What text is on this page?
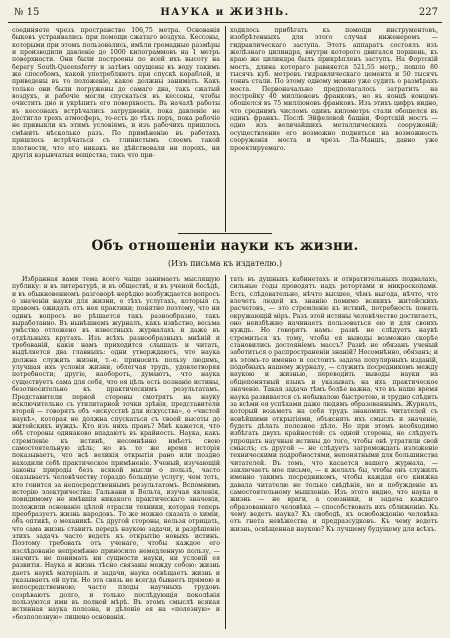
№ 15	НАУКА и ЖИЗНЬ.	227

соединяете чрезъ пространство 106,75 метра. Основанія быковъ устраивались при помощи сжатаго воздуха. Кессоны, которыми при этомъ пользовались, имѣли громадные размѣры и производили давленіе до 1000 килограммовъ на 1 метръ поверхности. Они были построены по всей ихъ высоту на берегу South-Queensferry и затѣмъ опущены въ воду такимъ же способомъ, какой употребляютъ при спускѣ кораблей, и приведены въ то положеніе, какое должны занимать. Какъ только они были погружены до самаго дна, такъ сжатый воздухъ, и рабочіе могли спускаться въ кессоны, чтобы очистить дно и укрѣпить его поверхность. Въ началѣ работы въ кессонахъ встрѣчались затрудненія, пока давленіе не достигло трехъ атмосферъ, то-есть до тѣхъ поръ, пока рабочіе не привыкли къ этимъ условіямъ, и изъ рабочихъ пришлось смѣнить нѣсколько разъ. По примѣненію въ работахъ пришлось встрѣчаться съ глинистымъ слоемъ такой плотности, что его никакъ не дѣйствовали ни порохъ, ни другія взрывчатыя вещества, такъ что при-

ходилось прибѣгать къ помощи инструментовъ, изобрѣтенныхъ для этого случая инженеромъ — гидравлическаго заступа. Этотъ аппаратъ состоялъ изъ желѣзнаго цилиндра, внутри которого двигался поршень, къ краю же цилиндра былъ прикрѣпленъ заступъ. На Фортскій мостъ, длина котораго равняется 521,55 метр., пошло 80 тысячъ куб. метровъ гидравлическаго цемента и 50 тысячъ тоннъ стали. По этому одному можно уже судить о размѣрахъ моста. Первоначально предполагалось затратить на постройку 40 милліоновъ франковъ, но въ концѣ концовъ обошелся въ 75 милліоновъ франковъ. Изъ этихъ цифръ видно, что среднимъ числомъ одинъ километръ стали обошелся въ одинъ франкъ. Послѣ Эйфелевой башни, Фортскій мостъ — одно изъ величайшихъ металлическихъ сооруженій; осуществление его возможно подняться на возможность сооруженія моста и чрезъ Ла-Маншъ, давно уже проектируемаго.

Объ отношеніи науки къ жизни.
(Изъ письма къ издателю.)

Избранная вами тема всего чаще занимаетъ мыслящую публику: и въ литературѣ, и въ обществѣ, и въ ученой бесѣдѣ, и въ обыкновенномъ разговорѣ нерѣдко возбуждается вопросъ о значеніи науки для жизни, о тѣхъ услугахъ, которыя съ правомъ ожидать отъ нея практики; понятно поэтому, что ни одинъ вопросъ не рѣшается такъ разнообразно, такъ выработанно. Въ нынѣшнемъ журналъ, какъ извѣстно, весьма умѣстно отложено въ известныхъ журналахъ и даже въ отдѣльныхъ кругахъ. Изъ всѣхъ разнообразныхъ мнѣній и требованій, какія намъ приходится слышать и читать, выдѣляется два главныхъ: одни утверждаютъ, что наука должна служить жизни, т.-е. приносить пользу людямъ, улучшая ихъ условія жизни, облегчая трудъ, удовлетворяя потребности; другіе, наоборотъ, думаютъ, что наука существуетъ сама для себя, что ея цѣль есть познаніе истины, безотносительно къ практическимъ результатамъ. Представители первой стороны смотрятъ на науку исключительно съ утилитарной точки зрѣнія, представители второй — говорятъ объ «искусствѣ для искусства», о «чистой наукѣ», которая не должна спускаться съ своей высоты до житейскихъ нуждъ. Кто изъ нихъ правъ? Мнѣ кажется, что обѣ стороны одинаково впадаютъ въ крайность. Наука, какъ стремленіе къ истинѣ, несомнѣнно имѣетъ свою самостоятельную цѣль; но въ то же время исторія показываетъ, что всѣ великія открытія рано или поздно находили себѣ практическое примѣненіе. Ученый, изучающій законы природы безъ всякой мысли о пользѣ, часто оказываетъ человѣчеству гораздо большую услугу, чем тотъ, кто гонится за непосредственнымъ результатомъ. Вспомнимъ исторію электричества: Гальвани и Вольта, изучая явленія, повидимому не имѣвшія никакого практическаго значенія, положили основаніе цѣлой отрасли техники, которая теперь преобразуетъ жизнь народовъ. То же можно сказать о химіи, объ оптикѣ, о механикѣ. Съ другой стороны, нельзя отрицать, что сама жизнь ставитъ передъ наукою задачи, и разрѣшеніе этихъ задачъ часто ведетъ къ открытію новыхъ истинъ. Поэтому требовать отъ ученаго, чтобы каждое его изслѣдованіе непремѣнно приносило немедленную пользу, — значитъ не понимать ни сущности науки, ни условій ея развитія. Наука и жизнь тѣсно связаны между собою: жизнь даетъ наукѣ матеріалъ и задачи, наука освѣщаетъ жизнь и указываетъ ей пути. Но эта связь не всегда бываетъ прямою и непосредственною; часто плоды научныхъ трудовъ созрѣваютъ долго, и только послѣдующія поколѣнія пользуются ими въ полной мѣрѣ. Въ этомъ смыслѣ всякая истинная наука полезна, и дѣленіе ея на «полезную» и «безполезную» лишено основанія.

тать въ душныхъ кабинетахъ и отвратительныхъ подвалахъ, сильные годы проводятъ надъ ретортами и микроскопами. Есть, слѣдовательно, нѣчто высшее, чѣмъ выгода, нѣчто, что влечетъ людей къ знанію помимо всякихъ житейскихъ расчетовъ, — это стремленіе къ истинѣ, потребность понять окружающій міръ. Разъ этой истины человѣчество достигаетъ, оно неизбѣжно начинаетъ пользоваться ею и для своихъ нуждъ. Но говорятъ намъ: развѣ не слѣдуетъ наукѣ стремиться къ тому, чтобы ея выводы возможно скорѣе становились достояніемъ массъ? Развѣ не обязанъ ученый заботиться о распространеніи знаній? Несомнѣнно, обязанъ; и въ этомъ-то именно и состоитъ задача популярныхъ изданій, подобныхъ нашему журналу, — служить посредникомъ между наукою и жизнью, переводить выводы науки на общепонятный языкъ и указывать на ихъ практическое значеніе. Такая задача тѣмъ болѣе важна, что въ наше время наука развивается съ небывалою быстротою, и трудно слѣдить за всѣми ея успѣхами даже людямъ образованнымъ. Журналъ, который возьметъ на себя трудъ знакомить читателей съ новѣйшими открытіями, объяснять ихъ смыслъ и значеніе, будетъ дѣлать полезное дѣло. Но при этомъ необходимо избѣгать двухъ крайностей: съ одной стороны, не слѣдуетъ упрощать научныя истины до того, чтобы онѣ утратили свой смыслъ; съ другой — не слѣдуетъ загромождать изложеніе техническими подробностями, непонятными для большинства читателей. Въ томъ, что касается вашего журнала, — заключаетъ мое письмо, — я желалъ бы, чтобы онъ служилъ именно такимъ посредникомъ, чтобы каждая его книжка давала читателю не только свѣдѣнія, но и побужденіе къ самостоятельному мышленію. Изъ этого видно, что наука и жизнь — не враги, а союзники, и задача каждаго образованнаго человѣка — способствовать ихъ сближенію. Къ чему ведетъ наука? Къ свободѣ, къ освобожденію человѣка отъ гнета невѣжества и предразсудковъ. Къ чему ведетъ жизнь, освѣщенная наукою? Къ лучшему будущему для всѣхъ.
